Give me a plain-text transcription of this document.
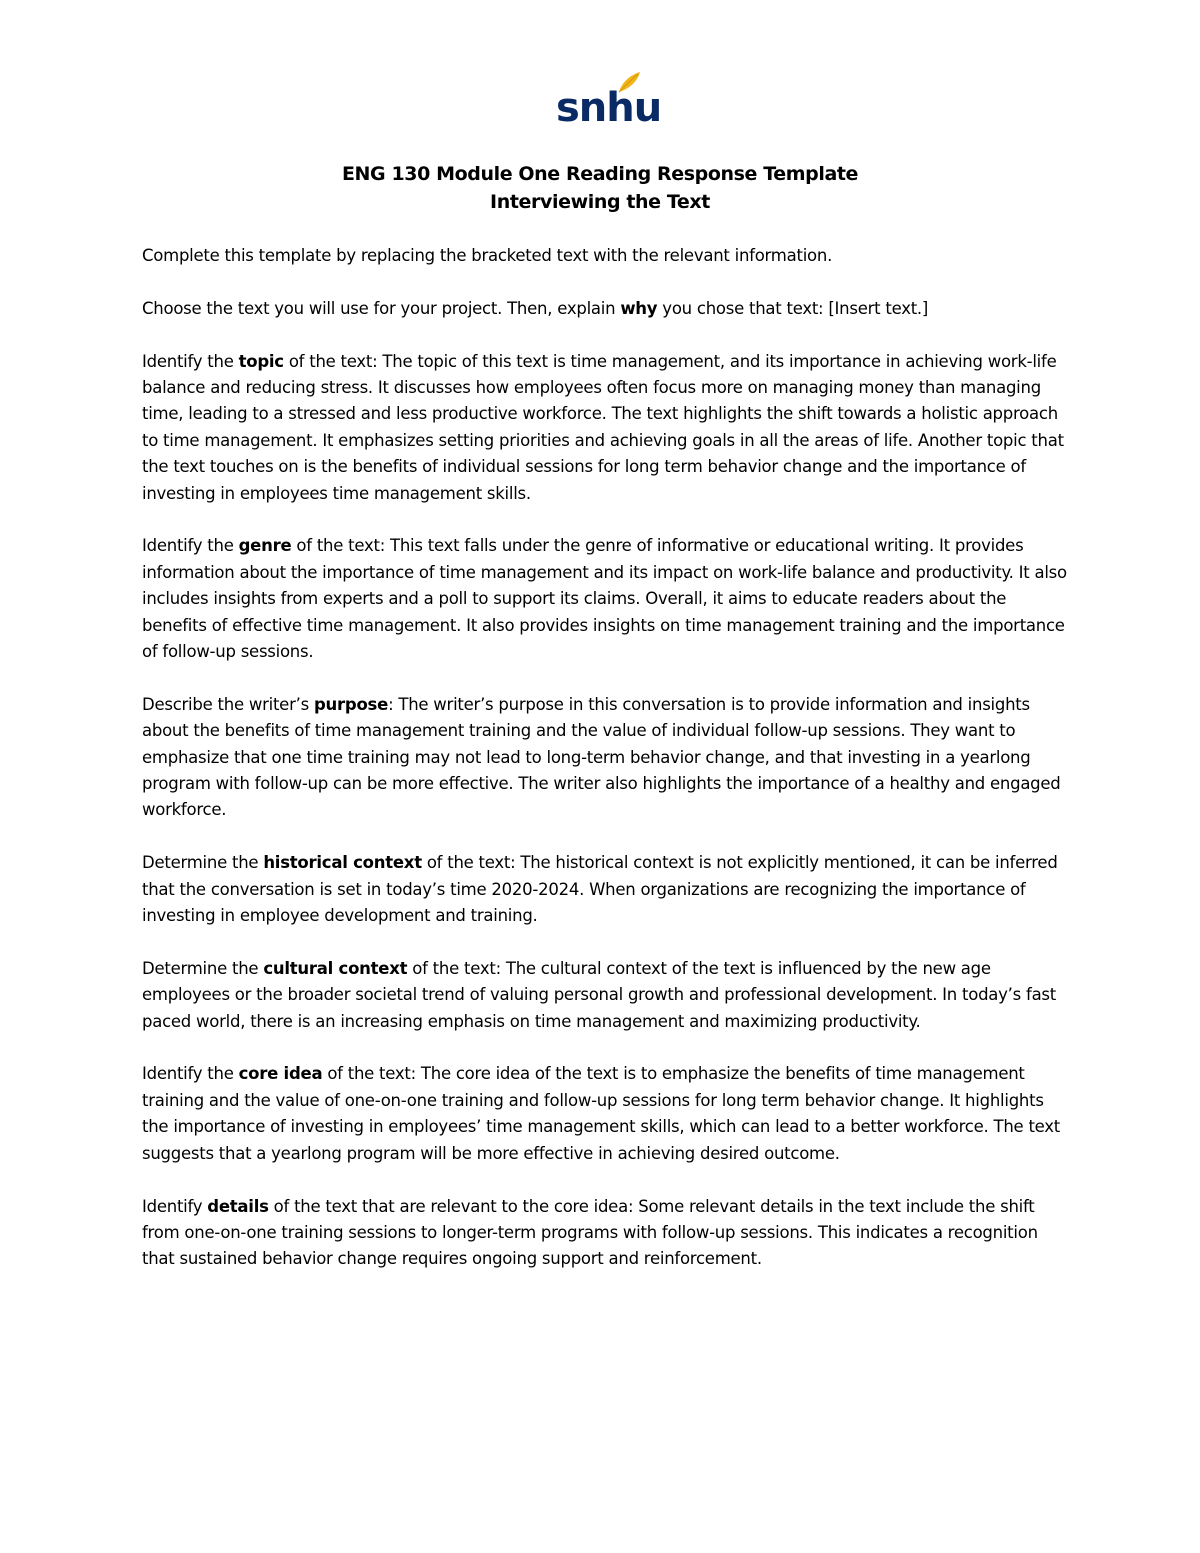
snhu
ENG 130 Module One Reading Response Template
Interviewing the Text

Complete this template by replacing the bracketed text with the relevant information.

Choose the text you will use for your project. Then, explain why you chose that text: [Insert text.]

Identify the topic of the text: The topic of this text is time management, and its importance in achieving work-life balance and reducing stress. It discusses how employees often focus more on managing money than managing time, leading to a stressed and less productive workforce. The text highlights the shift towards a holistic approach to time management. It emphasizes setting priorities and achieving goals in all the areas of life. Another topic that the text touches on is the benefits of individual sessions for long term behavior change and the importance of investing in employees time management skills.

Identify the genre of the text: This text falls under the genre of informative or educational writing. It provides information about the importance of time management and its impact on work-life balance and productivity. It also includes insights from experts and a poll to support its claims. Overall, it aims to educate readers about the benefits of effective time management. It also provides insights on time management training and the importance of follow-up sessions.

Describe the writer’s purpose: The writer’s purpose in this conversation is to provide information and insights about the benefits of time management training and the value of individual follow-up sessions. They want to emphasize that one time training may not lead to long-term behavior change, and that investing in a yearlong program with follow-up can be more effective. The writer also highlights the importance of a healthy and engaged workforce.

Determine the historical context of the text: The historical context is not explicitly mentioned, it can be inferred that the conversation is set in today’s time 2020-2024. When organizations are recognizing the importance of investing in employee development and training.

Determine the cultural context of the text: The cultural context of the text is influenced by the new age employees or the broader societal trend of valuing personal growth and professional development. In today’s fast paced world, there is an increasing emphasis on time management and maximizing productivity.

Identify the core idea of the text: The core idea of the text is to emphasize the benefits of time management training and the value of one-on-one training and follow-up sessions for long term behavior change. It highlights the importance of investing in employees’ time management skills, which can lead to a better workforce. The text suggests that a yearlong program will be more effective in achieving desired outcome.

Identify details of the text that are relevant to the core idea: Some relevant details in the text include the shift from one-on-one training sessions to longer-term programs with follow-up sessions. This indicates a recognition that sustained behavior change requires ongoing support and reinforcement.
